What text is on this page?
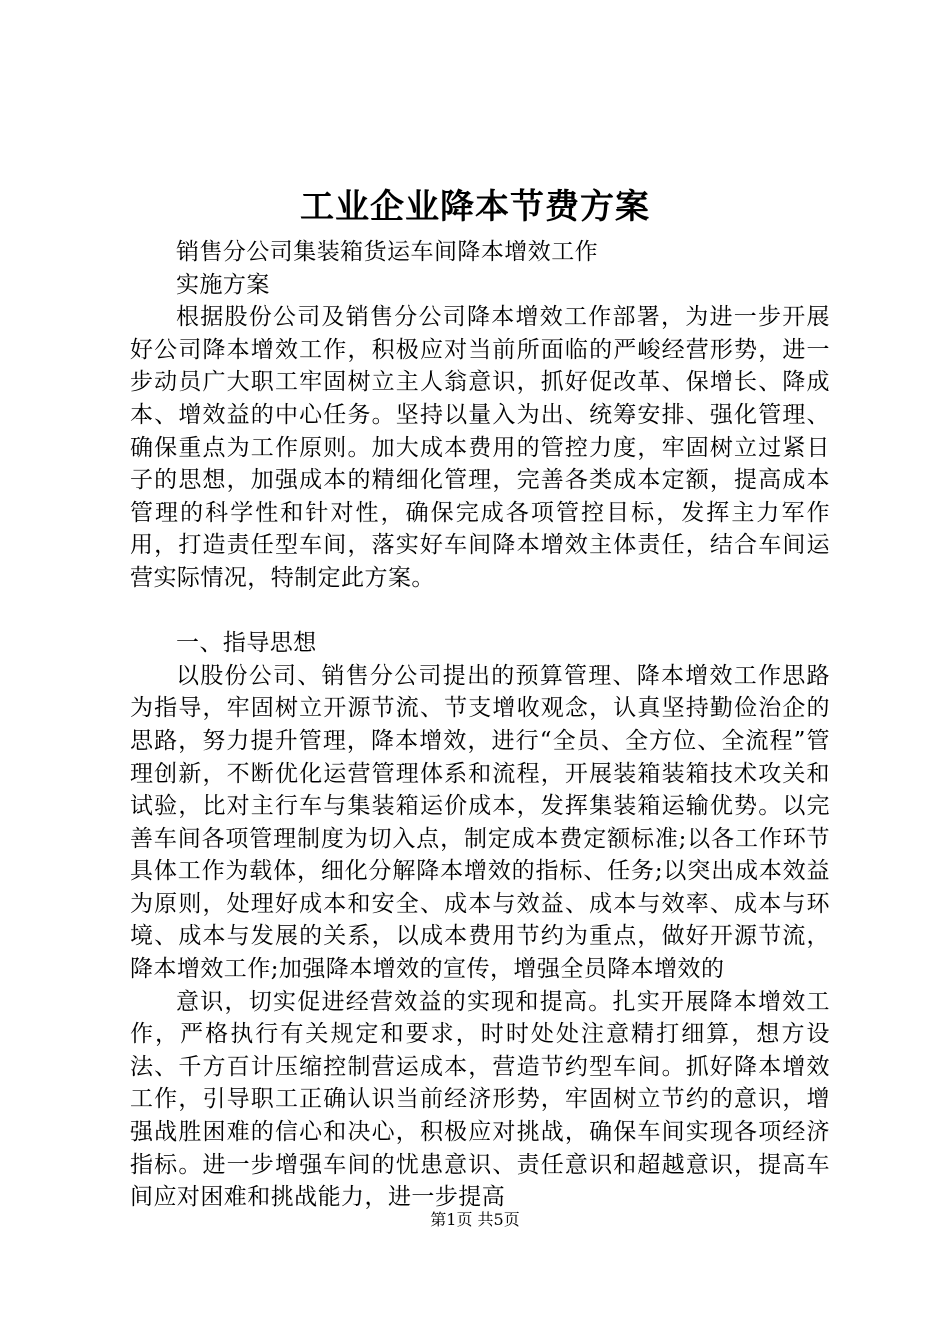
工业企业降本节费方案

销售分公司集装箱货运车间降本增效工作

实施方案

根据股份公司及销售分公司降本增效工作部署，为进一步开展好公司降本增效工作，积极应对当前所面临的严峻经营形势，进一步动员广大职工牢固树立主人翁意识，抓好促改革、保增长、降成本、增效益的中心任务。坚持以量入为出、统筹安排、强化管理、确保重点为工作原则。加大成本费用的管控力度，牢固树立过紧日子的思想，加强成本的精细化管理，完善各类成本定额，提高成本管理的科学性和针对性，确保完成各项管控目标，发挥主力军作用，打造责任型车间，落实好车间降本增效主体责任，结合车间运营实际情况，特制定此方案。

一、指导思想

以股份公司、销售分公司提出的预算管理、降本增效工作思路为指导，牢固树立开源节流、节支增收观念，认真坚持勤俭治企的思路，努力提升管理，降本增效，进行“全员、全方位、全流程”管理创新，不断优化运营管理体系和流程，开展装箱装箱技术攻关和试验，比对主行车与集装箱运价成本，发挥集装箱运输优势。以完善车间各项管理制度为切入点，制定成本费定额标准;以各工作环节具体工作为载体，细化分解降本增效的指标、任务;以突出成本效益为原则，处理好成本和安全、成本与效益、成本与效率、成本与环境、成本与发展的关系，以成本费用节约为重点，做好开源节流，降本增效工作;加强降本增效的宣传，增强全员降本增效的

意识，切实促进经营效益的实现和提高。扎实开展降本增效工作，严格执行有关规定和要求，时时处处注意精打细算，想方设法、千方百计压缩控制营运成本，营造节约型车间。抓好降本增效工作，引导职工正确认识当前经济形势，牢固树立节约的意识，增强战胜困难的信心和决心，积极应对挑战，确保车间实现各项经济指标。进一步增强车间的忧患意识、责任意识和超越意识，提高车间应对困难和挑战能力，进一步提高

第1页 共5页
